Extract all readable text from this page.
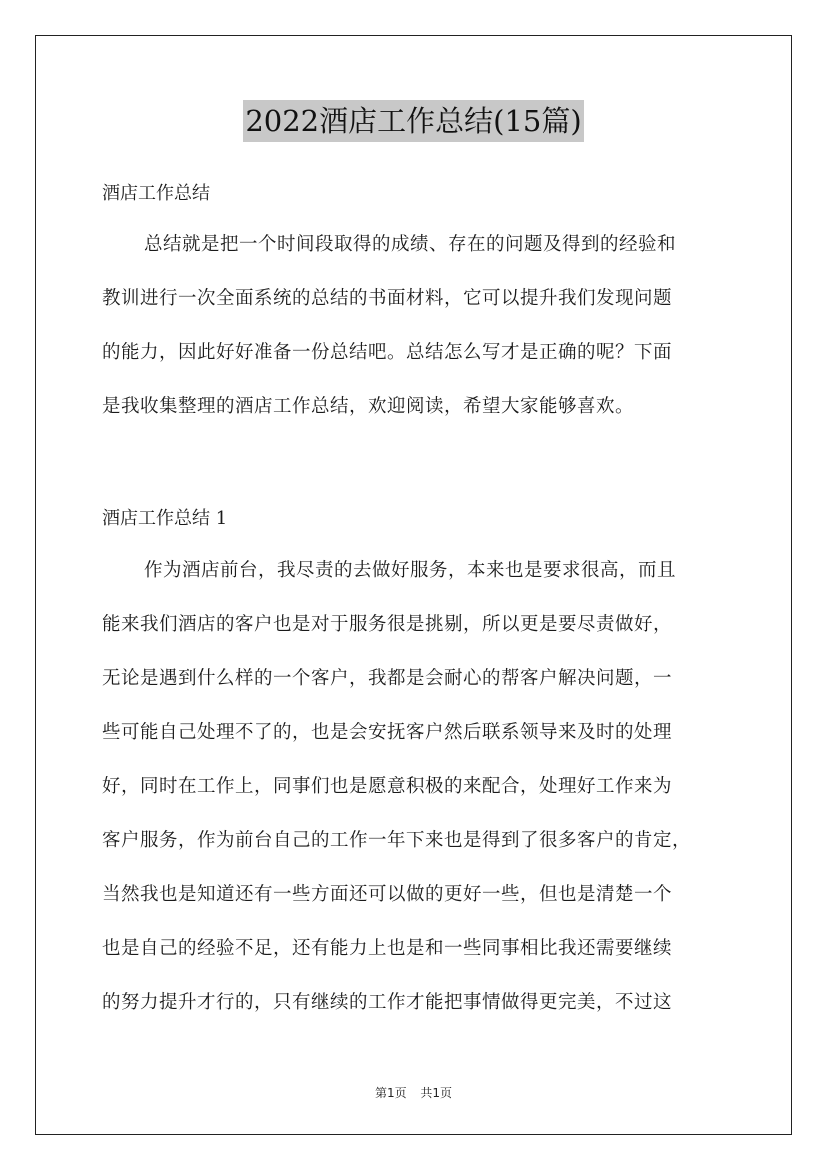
2022酒店工作总结(15篇)
酒店工作总结
总结就是把一个时间段取得的成绩、存在的问题及得到的经验和
教训进行一次全面系统的总结的书面材料，它可以提升我们发现问题
的能力，因此好好准备一份总结吧。总结怎么写才是正确的呢？下面
是我收集整理的酒店工作总结，欢迎阅读，希望大家能够喜欢。
酒店工作总结 1
作为酒店前台，我尽责的去做好服务，本来也是要求很高，而且
能来我们酒店的客户也是对于服务很是挑剔，所以更是要尽责做好，
无论是遇到什么样的一个客户，我都是会耐心的帮客户解决问题，一
些可能自己处理不了的，也是会安抚客户然后联系领导来及时的处理
好，同时在工作上，同事们也是愿意积极的来配合，处理好工作来为
客户服务，作为前台自己的工作一年下来也是得到了很多客户的肯定，
当然我也是知道还有一些方面还可以做的更好一些，但也是清楚一个
也是自己的经验不足，还有能力上也是和一些同事相比我还需要继续
的努力提升才行的，只有继续的工作才能把事情做得更完美，不过这
第1页 共1页
